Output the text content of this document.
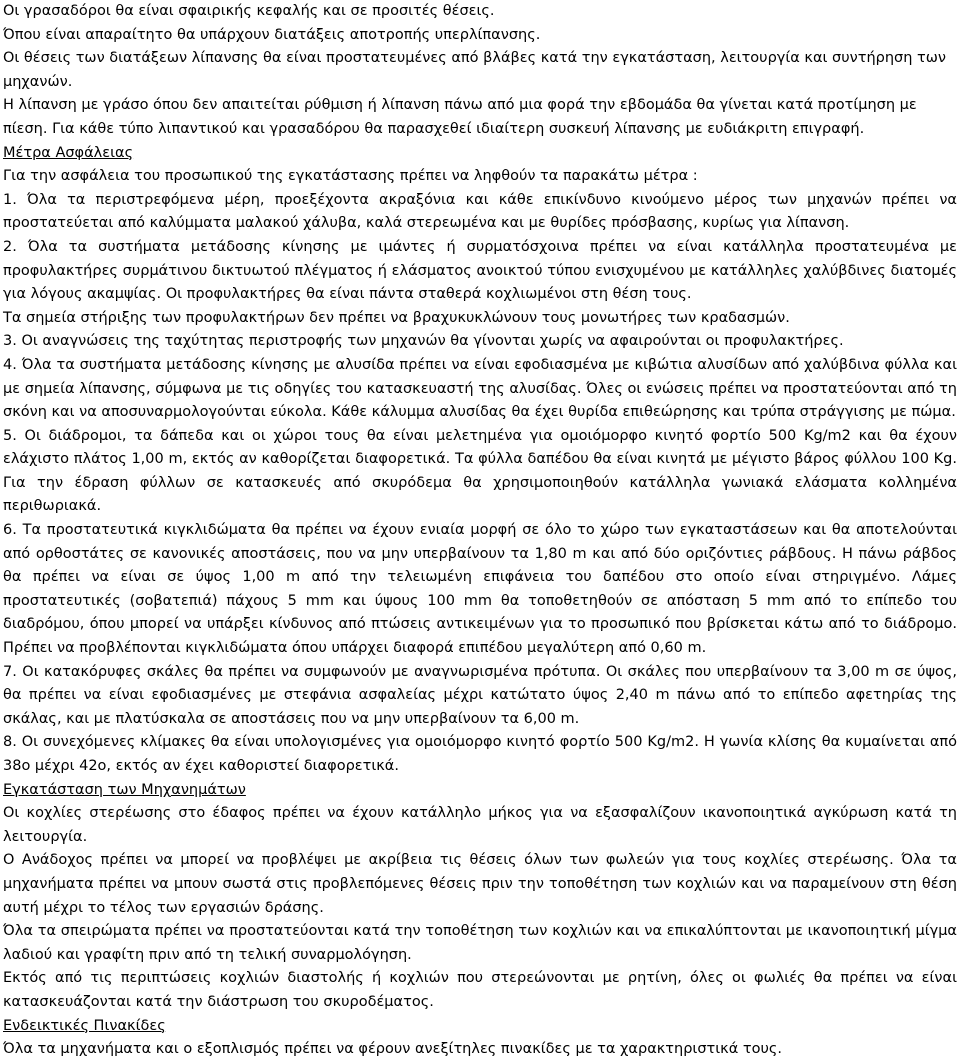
Οι γρασαδόροι θα είναι σφαιρικής κεφαλής και σε προσιτές θέσεις.

Όπου είναι απαραίτητο θα υπάρχουν διατάξεις αποτροπής υπερλίπανσης.

Οι θέσεις των διατάξεων λίπανσης θα είναι προστατευμένες από βλάβες κατά την εγκατάσταση, λειτουργία και συντήρηση των μηχανών.

Η λίπανση με γράσο όπου δεν απαιτείται ρύθμιση ή λίπανση πάνω από μια φορά την εβδομάδα θα γίνεται κατά προτίμηση με πίεση. Για κάθε τύπο λιπαντικού και γρασαδόρου θα παρασχεθεί ιδιαίτερη συσκευή λίπανσης με ευδιάκριτη επιγραφή.

Μέτρα Ασφάλειας

Για την ασφάλεια του προσωπικού της εγκατάστασης πρέπει να ληφθούν τα παρακάτω μέτρα :

1. Όλα τα περιστρεφόμενα μέρη, προεξέχοντα ακραξόνια και κάθε επικίνδυνο κινούμενο μέρος των μηχανών πρέπει να προστατεύεται από καλύμματα μαλακού χάλυβα, καλά στερεωμένα και με θυρίδες πρόσβασης, κυρίως για λίπανση.

2. Όλα τα συστήματα μετάδοσης κίνησης με ιμάντες ή συρματόσχοινα πρέπει να είναι κατάλληλα προστατευμένα με προφυλακτήρες συρμάτινου δικτυωτού πλέγματος ή ελάσματος ανοικτού τύπου ενισχυμένου με κατάλληλες χαλύβδινες διατομές για λόγους ακαμψίας. Οι προφυλακτήρες θα είναι πάντα σταθερά κοχλιωμένοι στη θέση τους.

Τα σημεία στήριξης των προφυλακτήρων δεν πρέπει να βραχυκυκλώνουν τους μονωτήρες των κραδασμών.

3. Οι αναγνώσεις της ταχύτητας περιστροφής των μηχανών θα γίνονται χωρίς να αφαιρούνται οι προφυλακτήρες.

4. Όλα τα συστήματα μετάδοσης κίνησης με αλυσίδα πρέπει να είναι εφοδιασμένα με κιβώτια αλυσίδων από χαλύβδινα φύλλα και με σημεία λίπανσης, σύμφωνα με τις οδηγίες του κατασκευαστή της αλυσίδας. Όλες οι ενώσεις πρέπει να προστατεύονται από τη σκόνη και να αποσυναρμολογούνται εύκολα. Κάθε κάλυμμα αλυσίδας θα έχει θυρίδα επιθεώρησης και τρύπα στράγγισης με πώμα.

5. Οι διάδρομοι, τα δάπεδα και οι χώροι τους θα είναι μελετημένα για ομοιόμορφο κινητό φορτίο 500 Kg/m2 και θα έχουν ελάχιστο πλάτος 1,00 m, εκτός αν καθορίζεται διαφορετικά. Τα φύλλα δαπέδου θα είναι κινητά με μέγιστο βάρος φύλλου 100 Kg. Για την έδραση φύλλων σε κατασκευές από σκυρόδεμα θα χρησιμοποιηθούν κατάλληλα γωνιακά ελάσματα κολλημένα περιθωριακά.

6. Τα προστατευτικά κιγκλιδώματα θα πρέπει να έχουν ενιαία μορφή σε όλο το χώρο των εγκαταστάσεων και θα αποτελούνται από ορθοστάτες σε κανονικές αποστάσεις, που να μην υπερβαίνουν τα 1,80 m και από δύο οριζόντιες ράβδους. Η πάνω ράβδος θα πρέπει να είναι σε ύψος 1,00 m από την τελειωμένη επιφάνεια του δαπέδου στο οποίο είναι στηριγμένο. Λάμες προστατευτικές (σοβατεπιά) πάχους 5 mm και ύψους 100 mm θα τοποθετηθούν σε απόσταση 5 mm από το επίπεδο του διαδρόμου, όπου μπορεί να υπάρξει κίνδυνος από πτώσεις αντικειμένων για το προσωπικό που βρίσκεται κάτω από το διάδρομο. Πρέπει να προβλέπονται κιγκλιδώματα όπου υπάρχει διαφορά επιπέδου μεγαλύτερη από 0,60 m.

7. Οι κατακόρυφες σκάλες θα πρέπει να συμφωνούν με αναγνωρισμένα πρότυπα. Οι σκάλες που υπερβαίνουν τα 3,00 m σε ύψος, θα πρέπει να είναι εφοδιασμένες με στεφάνια ασφαλείας μέχρι κατώτατο ύψος 2,40 m πάνω από το επίπεδο αφετηρίας της σκάλας, και με πλατύσκαλα σε αποστάσεις που να μην υπερβαίνουν τα 6,00 m.

8. Οι συνεχόμενες κλίμακες θα είναι υπολογισμένες για ομοιόμορφο κινητό φορτίο 500 Kg/m2. Η γωνία κλίσης θα κυμαίνεται από 38o μέχρι 42o, εκτός αν έχει καθοριστεί διαφορετικά.

Εγκατάσταση των Μηχανημάτων

Οι κοχλίες στερέωσης στο έδαφος πρέπει να έχουν κατάλληλο μήκος για να εξασφαλίζουν ικανοποιητικά αγκύρωση κατά τη λειτουργία.

Ο Ανάδοχος πρέπει να μπορεί να προβλέψει με ακρίβεια τις θέσεις όλων των φωλεών για τους κοχλίες στερέωσης. Όλα τα μηχανήματα πρέπει να μπουν σωστά στις προβλεπόμενες θέσεις πριν την τοποθέτηση των κοχλιών και να παραμείνουν στη θέση αυτή μέχρι το τέλος των εργασιών δράσης.

Όλα τα σπειρώματα πρέπει να προστατεύονται κατά την τοποθέτηση των κοχλιών και να επικαλύπτονται με ικανοποιητική μίγμα λαδιού και γραφίτη πριν από τη τελική συναρμολόγηση.

Εκτός από τις περιπτώσεις κοχλιών διαστολής ή κοχλιών που στερεώνονται με ρητίνη, όλες οι φωλιές θα πρέπει να είναι κατασκευάζονται κατά την διάστρωση του σκυροδέματος.

Ενδεικτικές Πινακίδες

Όλα τα μηχανήματα και ο εξοπλισμός πρέπει να φέρουν ανεξίτηλες πινακίδες με τα χαρακτηριστικά τους.
